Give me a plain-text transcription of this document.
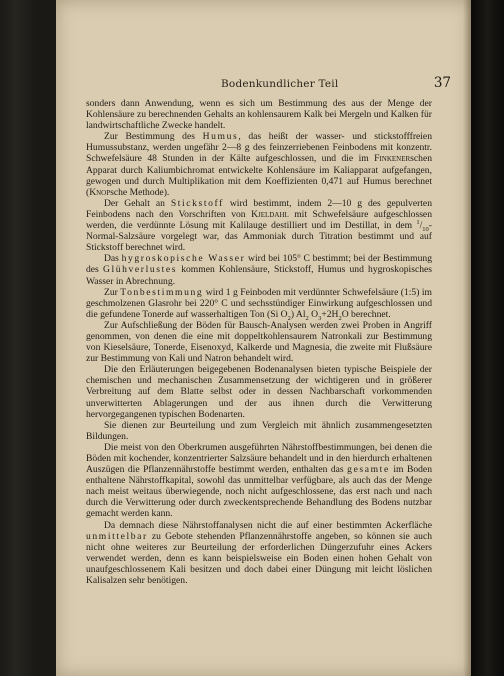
Bodenkundlicher Teil	37

sonders dann Anwendung, wenn es sich um Bestimmung des aus der Menge der Kohlensäure zu berechnenden Gehalts an kohlensaurem Kalk bei Mergeln und Kalken für landwirtschaftliche Zwecke handelt.

Zur Bestimmung des Humus, das heißt der wasser- und stickstofffreien Humussubstanz, werden ungefähr 2—8 g des feinzerriebenen Feinbodens mit konzentr. Schwefelsäure 48 Stunden in der Kälte aufgeschlossen, und die im Finkenerschen Apparat durch Kaliumbichromat entwickelte Kohlensäure im Kaliapparat aufgefangen, gewogen und durch Multiplikation mit dem Koeffizienten 0,471 auf Humus berechnet (Knopsche Methode).

Der Gehalt an Stickstoff wird bestimmt, indem 2—10 g des gepulverten Feinbodens nach den Vorschriften von Kjeldahl mit Schwefelsäure aufgeschlossen werden, die verdünnte Lösung mit Kalilauge destilliert und im Destillat, in dem $^1/_{10}-Normal$-Salzsäure vorgelegt war, das Ammoniak durch Titration bestimmt und auf Stickstoff berechnet wird.

Das hygroskopische Wasser wird bei 105° C bestimmt; bei der Bestimmung des Glühverlustes kommen Kohlensäure, Stickstoff, Humus und hygroskopisches Wasser in Abrechnung.

Zur Tonbestimmung wird 1 g Feinboden mit verdünnter Schwefelsäure (1:5) im geschmolzenen Glasrohr bei 220° C und sechsstündiger Einwirkung aufgeschlossen und die gefundene Tonerde auf wasserhaltigen Ton (Si $O_2$) $Al_2$ $O_3+2H_2O$ berechnet.

Zur Aufschließung der Böden für Bausch-Analysen werden zwei Proben in Angriff genommen, von denen die eine mit doppeltkohlensaurem Natronkali zur Bestimmung von Kieselsäure, Tonerde, Eisenoxyd, Kalkerde und Magnesia, die zweite mit Flußsäure zur Bestimmung von Kali und Natron behandelt wird.

Die den Erläuterungen beigegebenen Bodenanalysen bieten typische Beispiele der chemischen und mechanischen Zusammensetzung der wichtigeren und in größerer Verbreitung auf dem Blatte selbst oder in dessen Nachbarschaft vorkommenden unverwitterten Ablagerungen und der aus ihnen durch die Verwitterung hervorgegangenen typischen Bodenarten.

Sie dienen zur Beurteilung und zum Vergleich mit ähnlich zusammengesetzten Bildungen.

Die meist von den Oberkrumen ausgeführten Nährstoffbestimmungen, bei denen die Böden mit kochender, konzentrierter Salzsäure behandelt und in den hierdurch erhaltenen Auszügen die Pflanzennährstoffe bestimmt werden, enthalten das gesamte im Boden enthaltene Nährstoffkapital, sowohl das unmittelbar verfügbare, als auch das der Menge nach meist weitaus überwiegende, noch nicht aufgeschlossene, das erst nach und nach durch die Verwitterung oder durch zweckentsprechende Behandlung des Bodens nutzbar gemacht werden kann.

Da demnach diese Nährstoffanalysen nicht die auf einer bestimmten Ackerfläche unmittelbar zu Gebote stehenden Pflanzennährstoffe angeben, so können sie auch nicht ohne weiteres zur Beurteilung der erforderlichen Düngerzufuhr eines Ackers verwendet werden, denn es kann beispielsweise ein Boden einen hohen Gehalt von unaufgeschlossenem Kali besitzen und doch dabei einer Düngung mit leicht löslichen Kalisalzen sehr benötigen.
